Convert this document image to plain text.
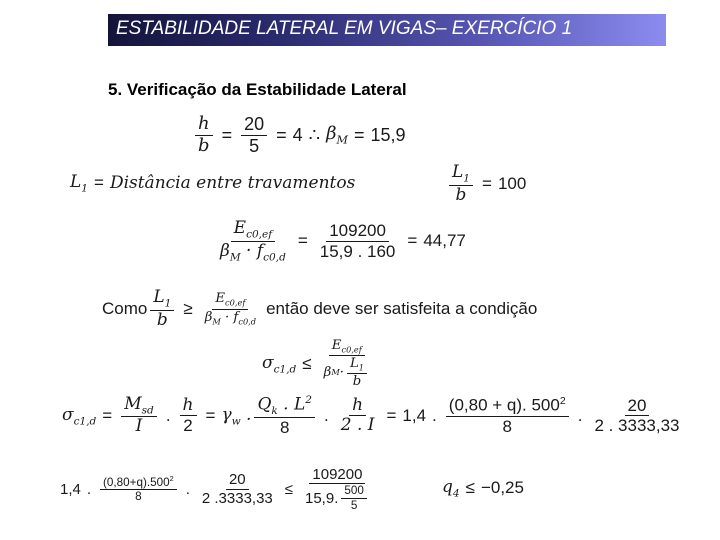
ESTABILIDADE LATERAL EM VIGAS– EXERCÍCIO 1
5. Verificação da Estabilidade Lateral
$\frac{h}{b} = \frac{20}{5} = 4$ ∴ $\beta_M = 15,9$
$L_1$ = Distância entre travamentos	$\frac{L_1}{b} = 100$
$\frac{E_{c0,ef}}{\beta_M \cdot f_{c0,d}} = \frac{109200}{15,9 . 160} = 44,77$
Como $\frac{L_1}{b} \ge \frac{E_{c0,ef}}{\beta_M \cdot f_{c0,d}}$ então deve ser satisfeita a condição
$\sigma_{c1,d} \le \frac{E_{c0,ef}}{\beta M \cdot \frac{L_1}{b}}$
$\sigma_{c1,d} = \frac{M_{sd}}{I}$ . $\frac{h}{2} = \gamma_w$ . $\frac{Q_k . L^2}{8}$ . $\frac{h}{2 . I} = 1,4$ . $\frac{(0,80 + q). 500^2}{8}$ . $\frac{20}{2 . 3333,33}$
1,4 . $\frac{(0,80+q).500^2}{8}$ . $\frac{20}{2 .3333,33} \le \frac{109200}{15,9. \frac{500}{5}}$	$q_4 \le -0,25$
